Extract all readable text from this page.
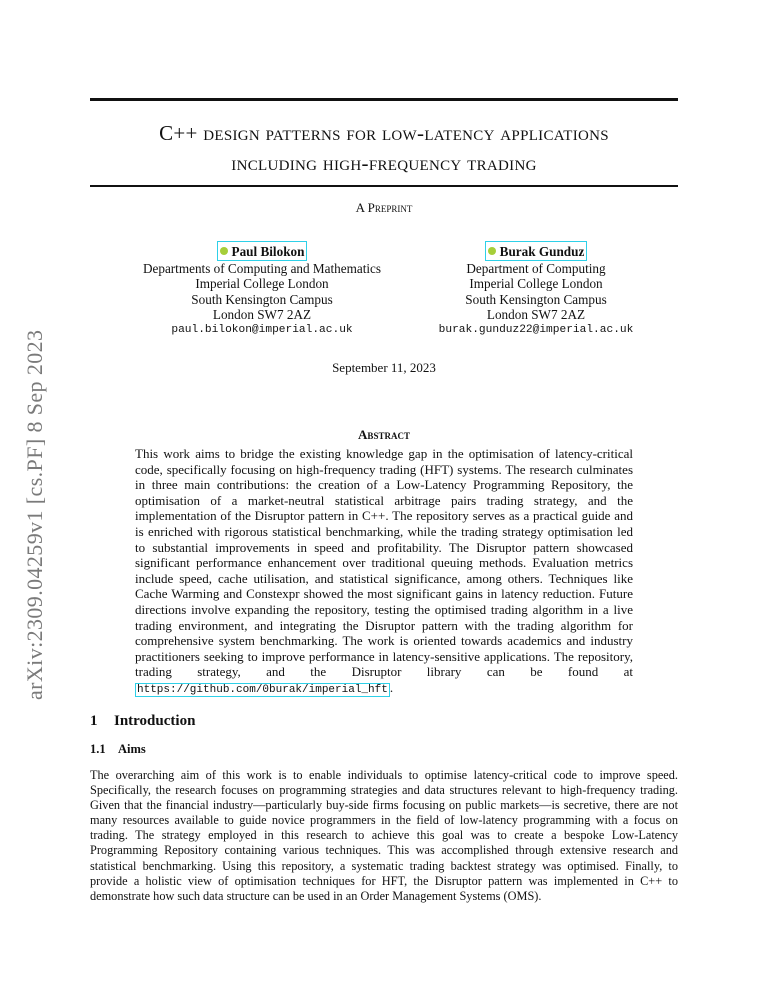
arXiv:2309.04259v1 [cs.PF] 8 Sep 2023
C++ design patterns for low-latency applications
including high-frequency trading
A Preprint
Paul Bilokon
Departments of Computing and Mathematics
Imperial College London
South Kensington Campus
London SW7 2AZ
paul.bilokon@imperial.ac.uk
Burak Gunduz
Department of Computing
Imperial College London
South Kensington Campus
London SW7 2AZ
burak.gunduz22@imperial.ac.uk
September 11, 2023
Abstract
This work aims to bridge the existing knowledge gap in the optimisation of latency-critical code, specifically focusing on high-frequency trading (HFT) systems. The research culminates in three main contributions: the creation of a Low-Latency Programming Repository, the optimisation of a market-neutral statistical arbitrage pairs trading strategy, and the implementation of the Disruptor pattern in C++. The repository serves as a practical guide and is enriched with rigorous statistical benchmarking, while the trading strategy optimisation led to substantial improvements in speed and profitability. The Disruptor pattern showcased significant performance enhancement over traditional queuing methods. Evaluation metrics include speed, cache utilisation, and statistical significance, among others. Techniques like Cache Warming and Constexpr showed the most significant gains in latency reduction. Future directions involve expanding the repository, testing the optimised trading algorithm in a live trading environment, and integrating the Disruptor pattern with the trading algorithm for comprehensive system benchmarking. The work is oriented towards academics and industry practitioners seeking to improve performance in latency-sensitive applications. The repository, trading strategy, and the Disruptor library can be found at https://github.com/0burak/imperial_hft .
1 Introduction
1.1 Aims
The overarching aim of this work is to enable individuals to optimise latency-critical code to improve speed. Specifically, the research focuses on programming strategies and data structures relevant to high-frequency trading. Given that the financial industry—particularly buy-side firms focusing on public markets—is secretive, there are not many resources available to guide novice programmers in the field of low-latency programming with a focus on trading. The strategy employed in this research to achieve this goal was to create a bespoke Low-Latency Programming Repository containing various techniques. This was accomplished through extensive research and statistical benchmarking. Using this repository, a systematic trading backtest strategy was optimised. Finally, to provide a holistic view of optimisation techniques for HFT, the Disruptor pattern was implemented in C++ to demonstrate how such data structure can be used in an Order Management Systems (OMS).
